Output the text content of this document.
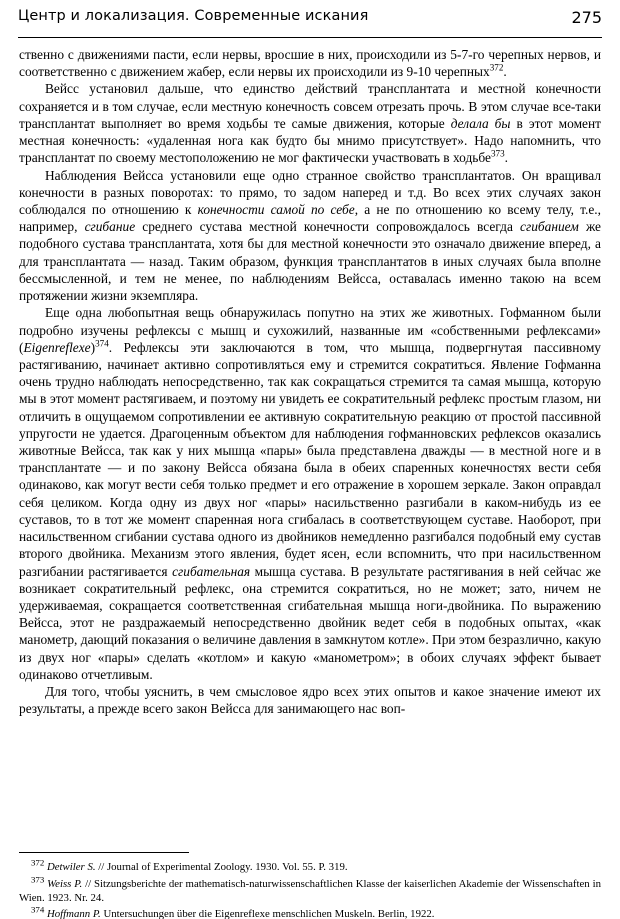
Центр и локализация. Современные искания	275

ственно с движениями пасти, если нервы, вросшие в них, происходили из 5-7-го черепных нервов, и соответственно с движением жабер, если нервы их происходили из 9-10 черепных$^{372}$.

Вейсс установил дальше, что единство действий трансплантата и местной конечности сохраняется и в том случае, если местную конечность совсем отрезать прочь. В этом случае все-таки трансплантат выполняет во время ходьбы те самые движения, которые делала бы в этот момент местная конечность: «удаленная нога как будто бы мнимо присутствует». Надо напомнить, что трансплантат по своему местоположению не мог фактически участвовать в ходьбе$^{373}$.

Наблюдения Вейсса установили еще одно странное свойство трансплантатов. Он вращивал конечности в разных поворотах: то прямо, то задом наперед и т.д. Во всех этих случаях закон соблюдался по отношению к конечности самой по себе, а не по отношению ко всему телу, т.е., например, сгибание среднего сустава местной конечности сопровождалось всегда сгибанием же подобного сустава трансплантата, хотя бы для местной конечности это означало движение вперед, а для трансплантата — назад. Таким образом, функция трансплантатов в иных случаях была вполне бессмысленной, и тем не менее, по наблюдениям Вейсса, оставалась именно такою на всем протяжении жизни экземпляра.

Еще одна любопытная вещь обнаружилась попутно на этих же животных. Гофманном были подробно изучены рефлексы с мышц и сухожилий, названные им «собственными рефлексами» (Eigenreflexe)$^{374}$. Рефлексы эти заключаются в том, что мышца, подвергнутая пассивному растягиванию, начинает активно сопротивляться ему и стремится сократиться. Явление Гофманна очень трудно наблюдать непосредственно, так как сокращаться стремится та самая мышца, которую мы в этот момент растягиваем, и поэтому ни увидеть ее сократительный рефлекс простым глазом, ни отличить в ощущаемом сопротивлении ее активную сократительную реакцию от простой пассивной упругости не удается. Драгоценным объектом для наблюдения гофманновских рефлексов оказались животные Вейсса, так как у них мышца «пары» была представлена дважды — в местной ноге и в трансплантате — и по закону Вейсса обязана была в обеих спаренных конечностях вести себя одинаково, как могут вести себя только предмет и его отражение в хорошем зеркале. Закон оправдал себя целиком. Когда одну из двух ног «пары» насильственно разгибали в каком-нибудь из ее суставов, то в тот же момент спаренная нога сгибалась в соответствующем суставе. Наоборот, при насильственном сгибании сустава одного из двойников немедленно разгибался подобный ему сустав второго двойника. Механизм этого явления, будет ясен, если вспомнить, что при насильственном разгибании растягивается сгибательная мышца сустава. В результате растягивания в ней сейчас же возникает сократительный рефлекс, она стремится сократиться, но не может; зато, ничем не удерживаемая, сокращается соответственная сгибательная мышца ноги-двойника. По выражению Вейсса, этот не раздражаемый непосредственно двойник ведет себя в подобных опытах, «как манометр, дающий показания о величине давления в замкнутом котле». При этом безразлично, какую из двух ног «пары» сделать «котлом» и какую «манометром»; в обоих случаях эффект бывает одинаково отчетливым.

Для того, чтобы уяснить, в чем смысловое ядро всех этих опытов и какое значение имеют их результаты, а прежде всего закон Вейсса для занимающего нас воп-

$^{372}$ Detwiler S. // Journal of Experimental Zoology. 1930. Vol. 55. P. 319.

$^{373}$ Weiss P. // Sitzungsberichte der mathematisch-naturwissenschaftlichen Klasse der kaiserlichen Akademie der Wissenschaften in Wien. 1923. Nr. 24.

$^{374}$ Hoffmann P. Untersuchungen über die Eigenreflexe menschlichen Muskeln. Berlin, 1922.
